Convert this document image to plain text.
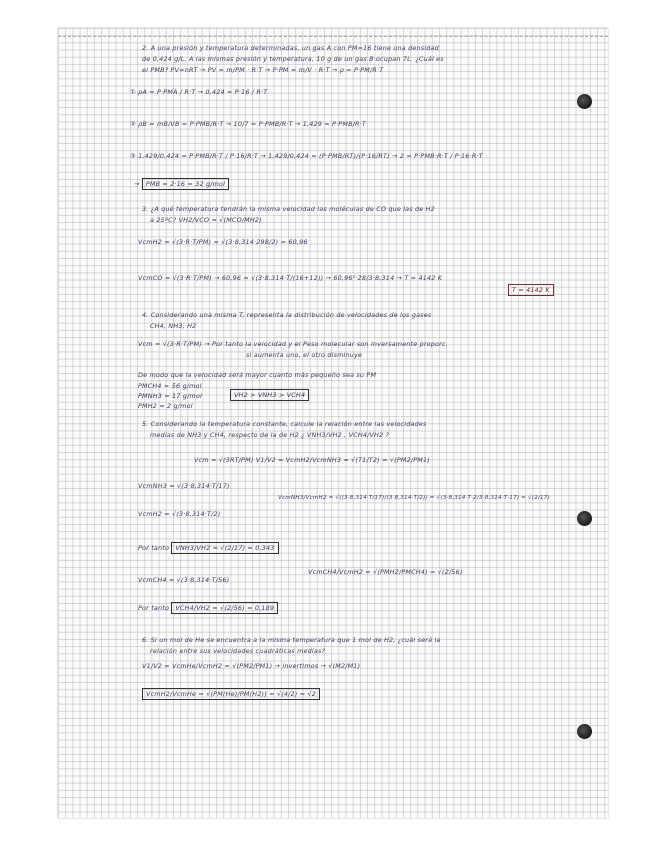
2. A una presión y temperatura determinadas, un gas A con PM=16 tiene una densidad
de 0,424 g/L. A las mismas presión y temperatura, 10 g de un gas B ocupan 7L. ¿Cuál es
el PMB? PV=nRT → PV = m/PM · R·T → P·PM = m/V · R·T → ρ = P·PM/R·T
① ρA = P·PMA / R·T → 0,424 = P·16 / R·T
② ρB = mB/VB = P·PMB/R·T → 10/7 = P·PMB/R·T → 1,429 = P·PMB/R·T
③ 1,429/0,424 = P·PMB/R·T / P·16/R·T → 1,429/0,424 = (P·PMB/RT)/(P·16/RT) → 2 = P·PMB·R·T / P·16·R·T
→ PMB = 2·16 = 32 g/mol
3. ¿A qué temperatura tendrán la misma velocidad las moléculas de CO que las de H2
a 25ºC? VH2/VCO = √(MCO/MH2)
VcmH2 = √(3·R·T/PM) = √(3·8,314·298/2) = 60,96
VcmCO = √(3·R·T/PM) → 60,96 = √(3·8,314·T/(16+12)) → 60,96²·28/3·8,314 → T = 4142 K
T = 4142 K
4. Considerando una misma T, representa la distribución de velocidades de los gases
CH4, NH3, H2
Vcm = √(3·R·T/PM) → Por tanto la velocidad y el Peso molecular son inversamente proporc.
si aumenta uno, el otro disminuye
De modo que la velocidad será mayor cuanto más pequeño sea su PM
PMCH4 = 56 g/mol
PMNH3 = 17 g/mol
PMH2 = 2 g/mol
VH2 > VNH3 > VCH4
5. Considerando la temperatura constante, calcule la relación entre las velocidades
medias de NH3 y CH4, respecto de la de H2 ¿ VNH3/VH2 , VCH4/VH2 ?
Vcm = √(3RT/PM) V1/V2 = VcmH2/VcmNH3 = √(T1/T2) = √(PM2/PM1)
VcmNH3 = √(3·8,314·T/17)
VcmH2 = √(3·8,314·T/2)
VcmNH3/VcmH2 = √((3·8,314·T/17)/(3·8,314·T/2)) = √(3·8,314·T·2/3·8,314·T·17) = √(2/17)
Por tanto VNH3/VH2 = √(2/17) = 0,343
VcmCH4 = √(3·8,314·T/56)
VcmCH4/VcmH2 = √(PMH2/PMCH4) = √(2/56)
Por tanto VCH4/VH2 = √(2/56) = 0,189
6. Si un mol de He se encuentra a la misma temperatura que 1 mol de H2, ¿cuál será la
relación entre sus velocidades cuadráticas medias?
V1/V2 = VcmHe/VcmH2 = √(PM2/PM1) → invertimos → √(M2/M1)
VcmH2/VcmHe = √(PM(He)/PM(H2)) = √(4/2) = √2
